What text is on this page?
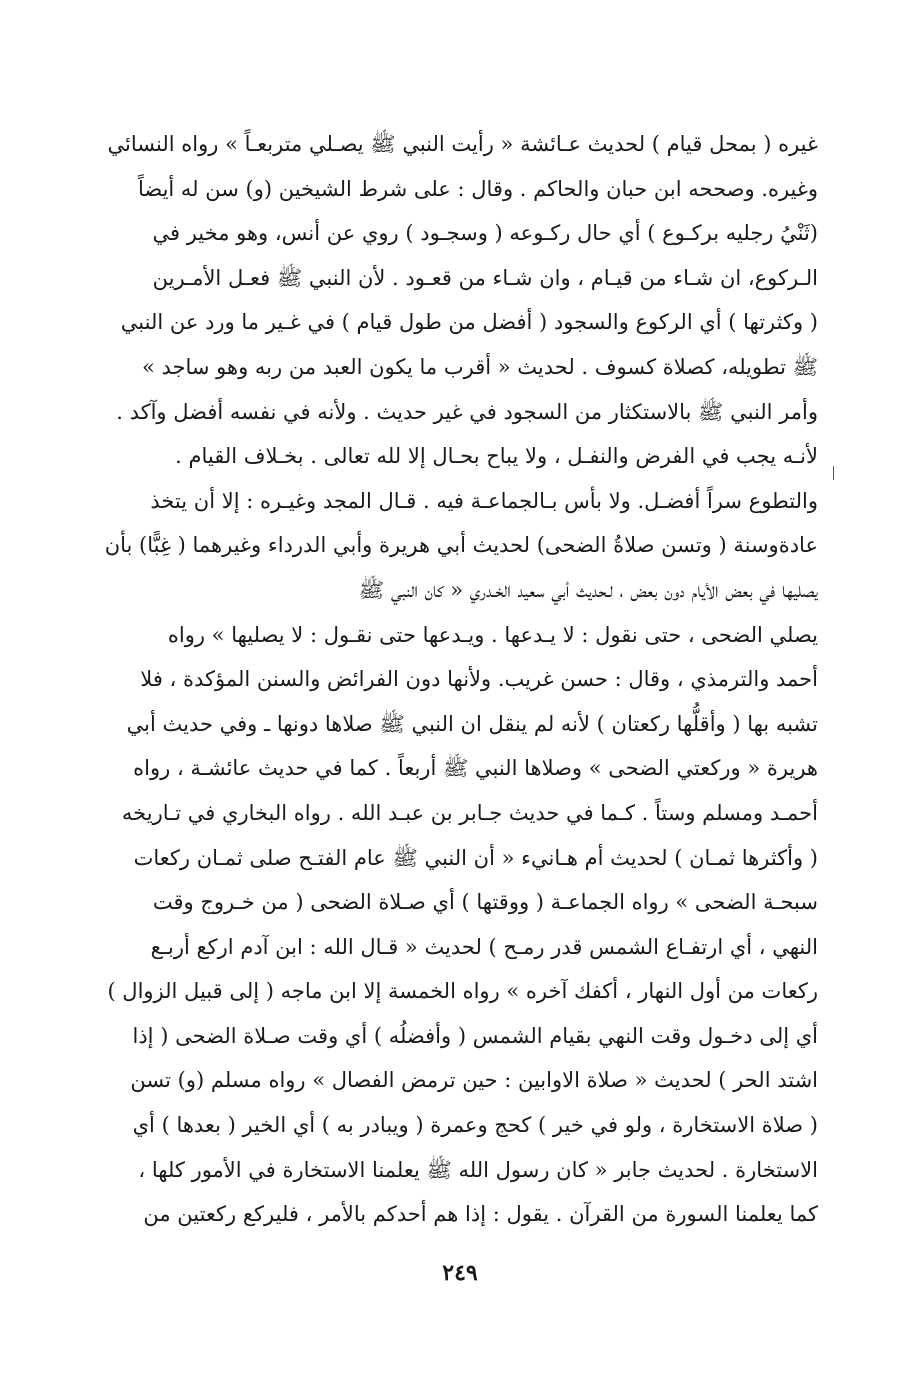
غيره ( بمحل قيام ) لحديث عـائشة « رأيت النبي ﷺ يصـلي متربعـاً » رواه النسائي
وغيره. وصححه ابن حبان والحاكم . وقال : على شرط الشيخين (و) سن له أيضاً
(ثَنْيُ رجليه بركـوع ) أي حال ركـوعه ( وسجـود ) روي عن أنس، وهو مخير في
الـركوع، ان شـاء من قيـام ، وان شـاء من قعـود . لأن النبي ﷺ فعـل الأمـرين
( وكثرتها ) أي الركوع والسجود ( أفضل من طول قيام ) في غـير ما ورد عن النبي
ﷺ تطويله، كصلاة كسوف . لحديث « أقرب ما يكون العبد من ربه وهو ساجد »
وأمر النبي ﷺ بالاستكثار من السجود في غير حديث . ولأنه في نفسه أفضل وآكد .
لأنـه يجب في الفرض والنفـل ، ولا يباح بحـال إلا لله تعالى . بخـلاف القيام .
والتطوع سراً أفضـل. ولا بأس بـالجماعـة فيه . قـال المجد وغيـره : إلا أن يتخذ
عادةوسنة ( وتسن صلاةُ الضحى) لحديث أبي هريرة وأبي الدرداء وغيرهما ( غِبًّا) بأن
يصليها في بعض الأيام دون بعض ، لـحديث أبي سعيد الخـدري « كان النبي ﷺ
يصلي الضحى ، حتى نقول : لا يـدعها . ويـدعها حتى نقـول : لا يصليها » رواه
أحمد والترمذي ، وقال : حسن غريب. ولأنها دون الفرائض والسنن المؤكدة ، فلا
تشبه بها ( وأقلُّها ركعتان ) لأنه لم ينقل ان النبي ﷺ صلاها دونها ـ وفي حديث أبي
هريرة « وركعتي الضحى » وصلاها النبي ﷺ أربعاً . كما في حديث عائشـة ، رواه
أحمـد ومسلم وستاً . كـما في حديث جـابر بن عبـد الله . رواه البخاري في تـاريخه
( وأكثرها ثمـان ) لحديث أم هـانيء « أن النبي ﷺ عام الفتـح صلى ثمـان ركعات
سبحـة الضحى » رواه الجماعـة ( ووقتها ) أي صـلاة الضحى ( من خـروج وقت
النهي ، أي ارتفـاع الشمس قدر رمـح ) لحديث « قـال الله : ابن آدم اركع أربـع
ركعات من أول النهار ، أكفك آخره » رواه الخمسة إلا ابن ماجه ( إلى قبيل الزوال )
أي إلى دخـول وقت النهي بقيام الشمس ( وأفضلُه ) أي وقت صـلاة الضحى ( إذا
اشتد الحر ) لحديث « صلاة الاوابين : حين ترمض الفصال » رواه مسلم (و) تسن
( صلاة الاستخارة ، ولو في خير ) كحج وعمرة ( ويبادر به ) أي الخير ( بعدها ) أي
الاستخارة . لحديث جابر « كان رسول الله ﷺ يعلمنا الاستخارة في الأمور كلها ،
كما يعلمنا السورة من القرآن . يقول : إذا هم أحدكم بالأمر ، فليركع ركعتين من
٢٤٩
